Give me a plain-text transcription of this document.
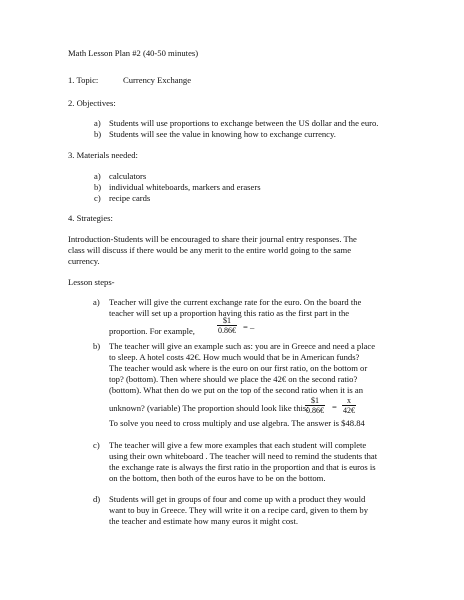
Math Lesson Plan #2 (40-50 minutes)
1. Topic:	Currency Exchange
2. Objectives:
a) Students will use proportions to exchange between the US dollar and the euro.
b) Students will see the value in knowing how to exchange currency.
3. Materials needed:
a) calculators
b) individual whiteboards, markers and erasers
c) recipe cards
4. Strategies:
Introduction-Students will be encouraged to share their journal entry responses. The
class will discuss if there would be any merit to the entire world going to the same
currency.
Lesson steps-
a) Teacher will give the current exchange rate for the euro. On the board the
teacher will set up a proportion having this ratio as the first part in the
proportion. For example,	$\frac{\$1}{0.86€}$ = –
b) The teacher will give an example such as: you are in Greece and need a place
to sleep. A hotel costs 42€. How much would that be in American funds?
The teacher would ask where is the euro on our first ratio, on the bottom or
top? (bottom). Then where should we place the 42€ on the second ratio?
(bottom). What then do we put on the top of the second ratio when it is an
unknown? (variable) The proportion should look like this:
$\frac{\$1}{0.86€} = \frac{x}{42€}$
To solve you need to cross multiply and use algebra. The answer is $48.84
c) The teacher will give a few more examples that each student will complete
using their own whiteboard . The teacher will need to remind the students that
the exchange rate is always the first ratio in the proportion and that is euros is
on the bottom, then both of the euros have to be on the bottom.
d) Students will get in groups of four and come up with a product they would
want to buy in Greece. They will write it on a recipe card, given to them by
the teacher and estimate how many euros it might cost.
